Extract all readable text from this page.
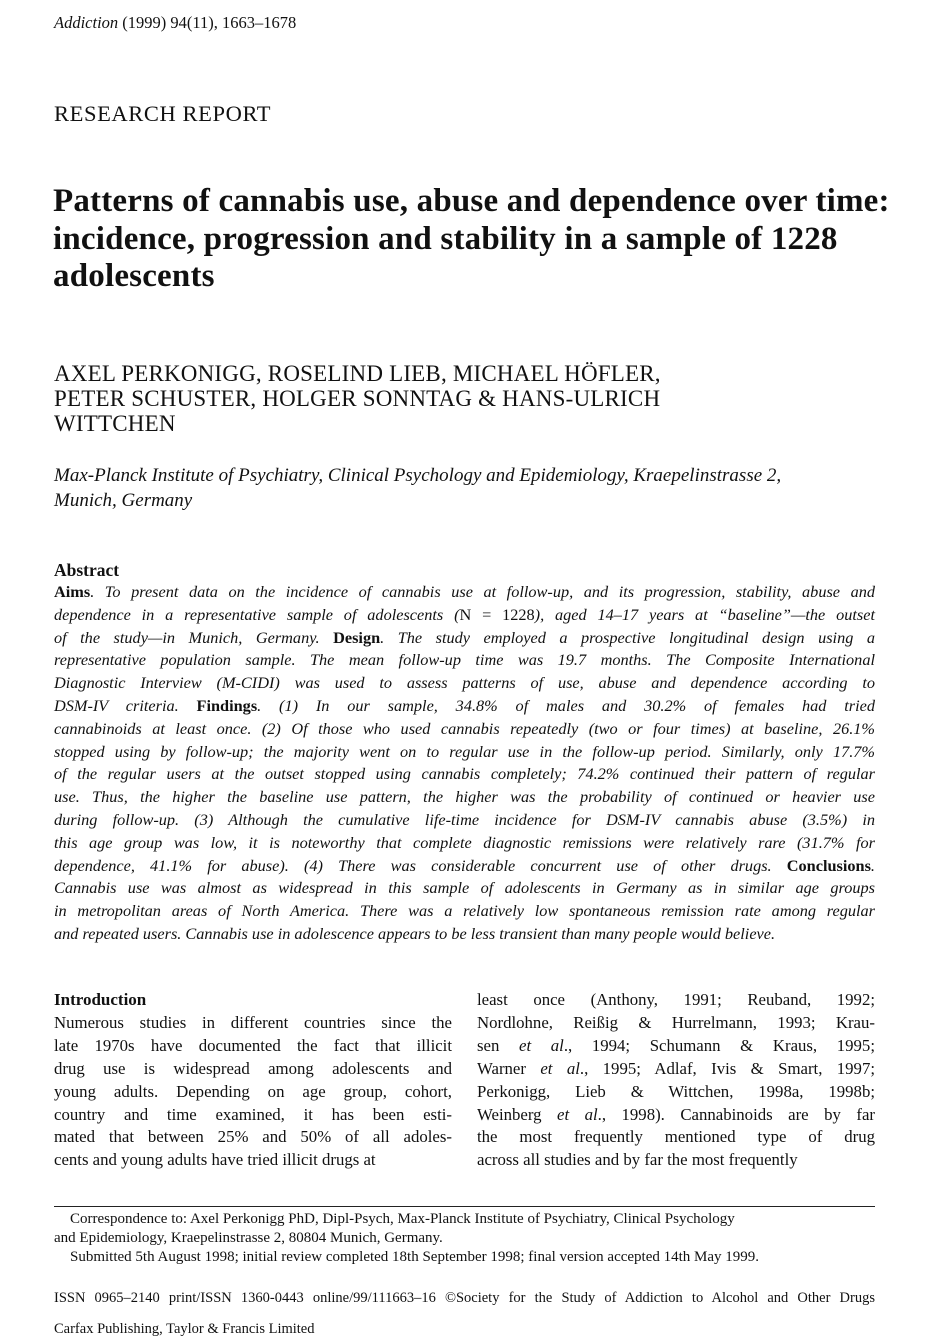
Addiction (1999) 94(11), 1663–1678
RESEARCH REPORT
Patterns of cannabis use, abuse and dependence over time: incidence, progression and stability in a sample of 1228 adolescents
AXEL PERKONIGG, ROSELIND LIEB, MICHAEL HÖFLER,
PETER SCHUSTER, HOLGER SONNTAG & HANS-ULRICH
WITTCHEN
Max-Planck Institute of Psychiatry, Clinical Psychology and Epidemiology, Kraepelinstrasse 2,
Munich, Germany
Abstract
Aims. To present data on the incidence of cannabis use at follow-up, and its progression, stability, abuse and
dependence in a representative sample of adolescents (N = 1228), aged 14–17 years at “baseline”—the outset
of the study—in Munich, Germany. Design. The study employed a prospective longitudinal design using a
representative population sample. The mean follow-up time was 19.7 months. The Composite International
Diagnostic Interview (M-CIDI) was used to assess patterns of use, abuse and dependence according to
DSM-IV criteria. Findings. (1) In our sample, 34.8% of males and 30.2% of females had tried
cannabinoids at least once. (2) Of those who used cannabis repeatedly (two or four times) at baseline, 26.1%
stopped using by follow-up; the majority went on to regular use in the follow-up period. Similarly, only 17.7%
of the regular users at the outset stopped using cannabis completely; 74.2% continued their pattern of regular
use. Thus, the higher the baseline use pattern, the higher was the probability of continued or heavier use
during follow-up. (3) Although the cumulative life-time incidence for DSM-IV cannabis abuse (3.5%) in
this age group was low, it is noteworthy that complete diagnostic remissions were relatively rare (31.7% for
dependence, 41.1% for abuse). (4) There was considerable concurrent use of other drugs. Conclusions.
Cannabis use was almost as widespread in this sample of adolescents in Germany as in similar age groups
in metropolitan areas of North America. There was a relatively low spontaneous remission rate among regular
and repeated users. Cannabis use in adolescence appears to be less transient than many people would believe.
Introduction
Numerous studies in different countries since the
late 1970s have documented the fact that illicit
drug use is widespread among adolescents and
young adults. Depending on age group, cohort,
country and time examined, it has been esti-
mated that between 25% and 50% of all adoles-
cents and young adults have tried illicit drugs at
least once (Anthony, 1991; Reuband, 1992;
Nordlohne, Reißig & Hurrelmann, 1993; Krau-
sen et al., 1994; Schumann & Kraus, 1995;
Warner et al., 1995; Adlaf, Ivis & Smart, 1997;
Perkonigg, Lieb & Wittchen, 1998a, 1998b;
Weinberg et al., 1998). Cannabinoids are by far
the most frequently mentioned type of drug
across all studies and by far the most frequently
Correspondence to: Axel Perkonigg PhD, Dipl-Psych, Max-Planck Institute of Psychiatry, Clinical Psychology
and Epidemiology, Kraepelinstrasse 2, 80804 Munich, Germany.
Submitted 5th August 1998; initial review completed 18th September 1998; final version accepted 14th May 1999.
ISSN 0965–2140 print/ISSN 1360-0443 online/99/111663–16 ©Society for the Study of Addiction to Alcohol and Other Drugs
Carfax Publishing, Taylor & Francis Limited
